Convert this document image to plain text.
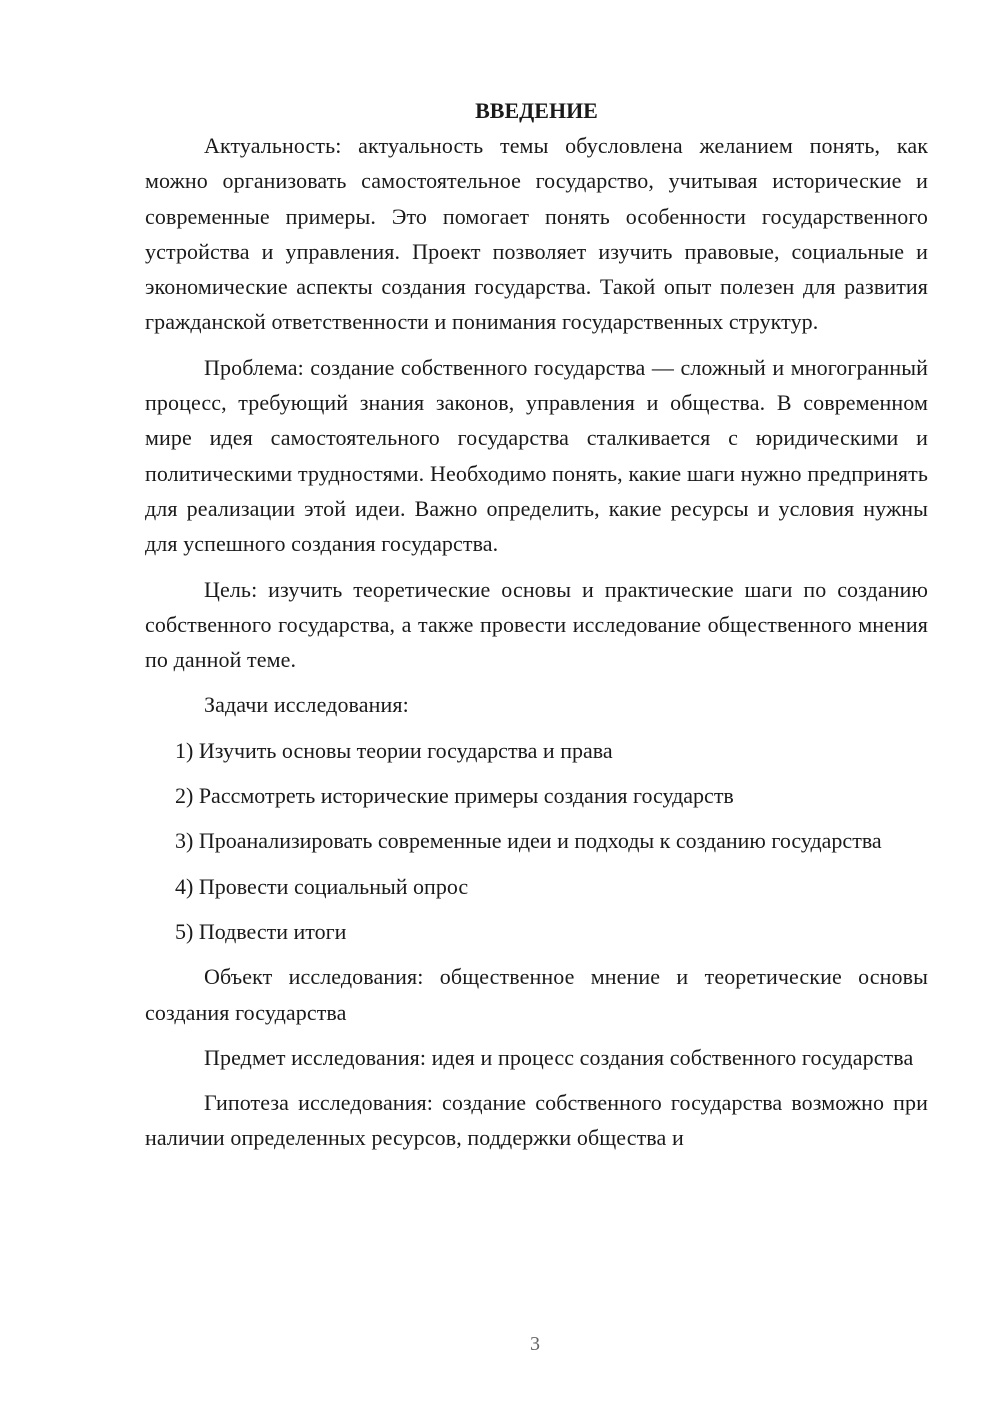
ВВЕДЕНИЕ

Актуальность: актуальность темы обусловлена желанием понять, как можно организовать самостоятельное государство, учитывая исторические и современные примеры. Это помогает понять особенности государственного устройства и управления. Проект позволяет изучить правовые, социальные и экономические аспекты создания государства. Такой опыт полезен для развития гражданской ответственности и понимания государственных структур.

Проблема: создание собственного государства — сложный и многогранный процесс, требующий знания законов, управления и общества. В современном мире идея самостоятельного государства сталкивается с юридическими и политическими трудностями. Необходимо понять, какие шаги нужно предпринять для реализации этой идеи. Важно определить, какие ресурсы и условия нужны для успешного создания государства.

Цель: изучить теоретические основы и практические шаги по созданию собственного государства, а также провести исследование общественного мнения по данной теме.

Задачи исследования:

1) Изучить основы теории государства и права

2) Рассмотреть исторические примеры создания государств

3) Проанализировать современные идеи и подходы к созданию государства

4) Провести социальный опрос

5) Подвести итоги

Объект исследования: общественное мнение и теоретические основы создания государства

Предмет исследования: идея и процесс создания собственного государства

Гипотеза исследования: создание собственного государства возможно при наличии определенных ресурсов, поддержки общества и

3
